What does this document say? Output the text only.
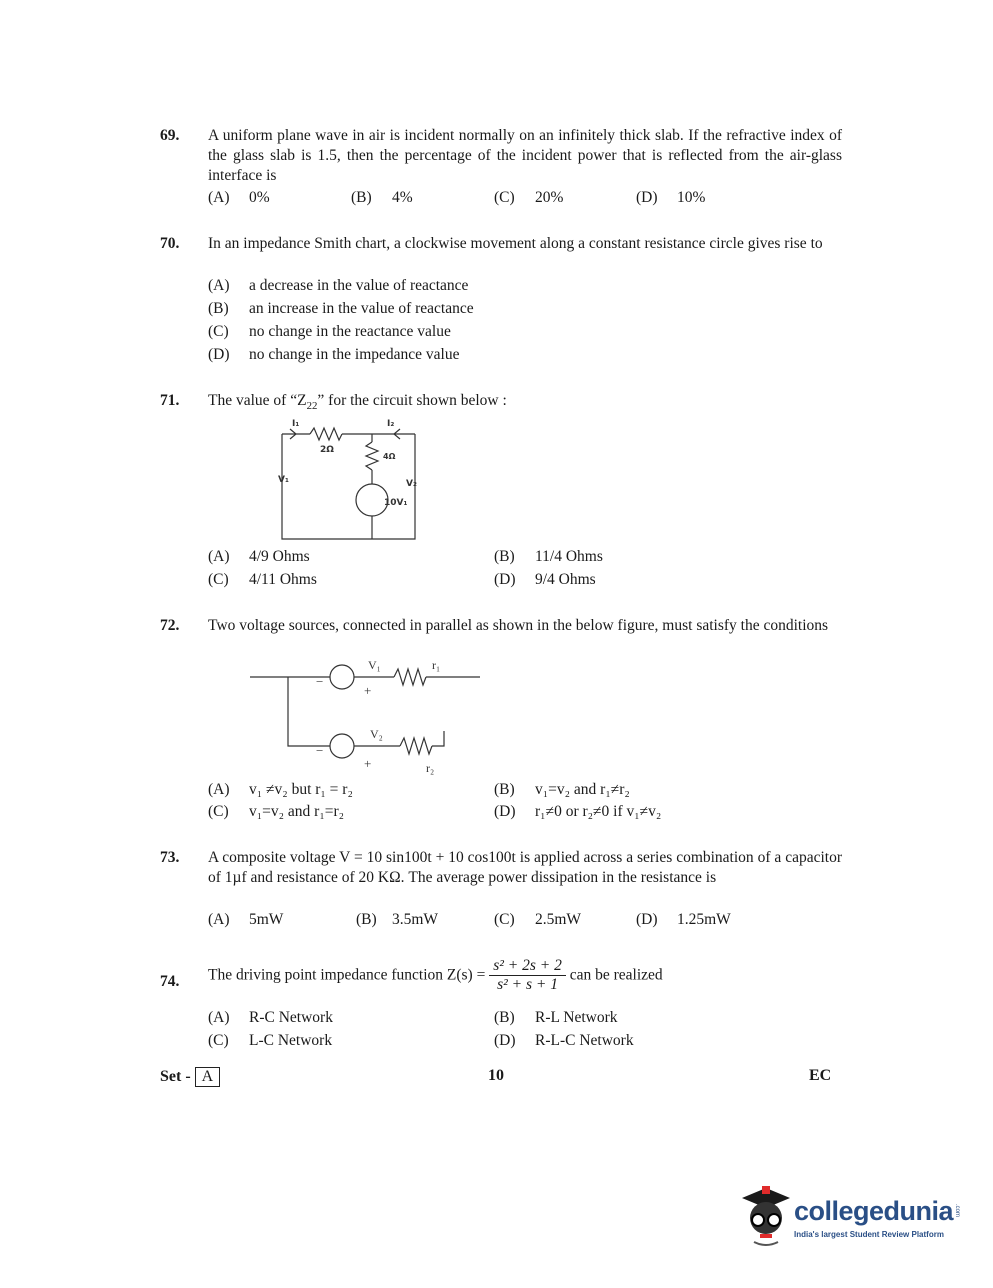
69. A uniform plane wave in air is incident normally on an infinitely thick slab. If the refractive index of the glass slab is 1.5, then the percentage of the incident power that is reflected from the air-glass interface is
(A) 0%	(B) 4%	(C) 20%	(D) 10%
70. In an impedance Smith chart, a clockwise movement along a constant resistance circle gives rise to
(A) a decrease in the value of reactance
(B) an increase in the value of reactance
(C) no change in the reactance value
(D) no change in the impedance value
71. The value of “$Z_{22}$” for the circuit shown below :
I₁	I₂
2Ω
4Ω
V₁	V₂
10V₁
(A) 4/9 Ohms	(B) 11/4 Ohms
(C) 4/11 Ohms	(D) 9/4 Ohms
72. Two voltage sources, connected in parallel as shown in the below figure, must satisfy the conditions
−
+
V₁	r₁
−
+
V₂
r₂
(A) v₁ ≠v₂ but r₁ = r₂	(B) v₁=v₂ and r₁≠r₂
(C) v₁=v₂ and r₁=r₂	(D) r₁≠0 or r₂≠0 if v₁≠v₂
73. A composite voltage V = 10 sin100t + 10 cos100t is applied across a series combination of a capacitor of 1µf and resistance of 20 KΩ. The average power dissipation in the resistance is
(A) 5mW	(B) 3.5mW	(C) 2.5mW	(D) 1.25mW
74. The driving point impedance function $Z(s) = \frac{\text{s² + 2s + 2}}{\text{s² + s + 1}}$ can be realized
(A) R-C Network	(B) R-L Network
(C) L-C Network	(D) R-L-C Network
Set - A	10	EC
collegedunia .com
India's largest Student Review Platform
